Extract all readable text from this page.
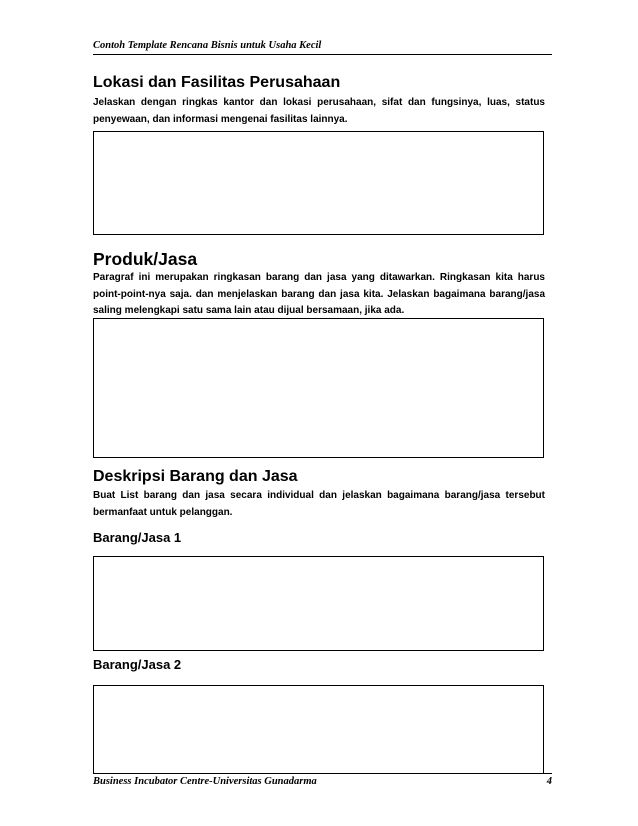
Contoh Template Rencana Bisnis untuk Usaha Kecil
Lokasi dan Fasilitas Perusahaan

Jelaskan dengan ringkas kantor dan lokasi perusahaan, sifat dan fungsinya, luas, status penyewaan, dan informasi mengenai fasilitas lainnya.

Produk/Jasa

Paragraf ini merupakan ringkasan barang dan jasa yang ditawarkan. Ringkasan kita harus point-point-nya saja. dan menjelaskan barang dan jasa kita. Jelaskan bagaimana barang/jasa saling melengkapi satu sama lain atau dijual bersamaan, jika ada.

Deskripsi Barang dan Jasa

Buat List barang dan jasa secara individual dan jelaskan bagaimana barang/jasa tersebut bermanfaat untuk pelanggan.

Barang/Jasa 1
Barang/Jasa 2
Business Incubator Centre-Universitas Gunadarma	4
